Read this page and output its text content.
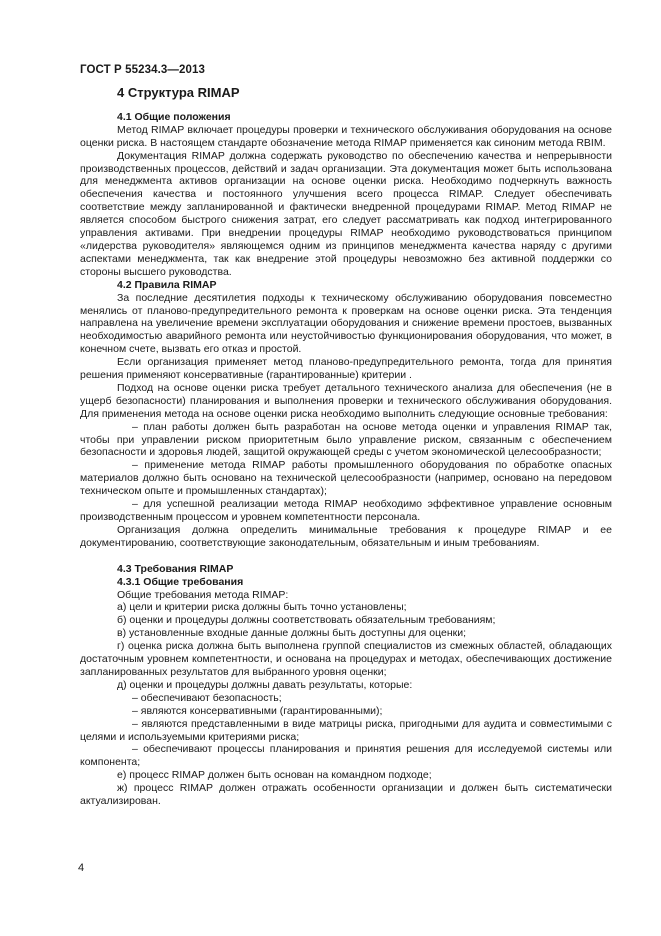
ГОСТ Р 55234.3—2013

4 Структура RIMAP

4.1 Общие положения

Метод RIMAP включает процедуры проверки и технического обслуживания оборудования на основе оценки риска. В настоящем стандарте обозначение метода RIMAP применяется как синоним метода RBIM.

Документация RIMAP должна содержать руководство по обеспечению качества и непрерывности производственных процессов, действий и задач организации. Эта документация может быть использована для менеджмента активов организации на основе оценки риска. Необходимо подчеркнуть важность обеспечения качества и постоянного улучшения всего процесса RIMAP. Следует обеспечивать соответствие между запланированной и фактически внедренной процедурами RIMAP. Метод RIMAP не является способом быстрого снижения затрат, его следует рассматривать как подход интегрированного управления активами. При внедрении процедуры RIMAP необходимо руководствоваться принципом «лидерства руководителя» являющемся одним из принципов менеджмента качества наряду с другими аспектами менеджмента, так как внедрение этой процедуры невозможно без активной поддержки со стороны высшего руководства.

4.2 Правила RIMAP

За последние десятилетия подходы к техническому обслуживанию оборудования повсеместно менялись от планово-предупредительного ремонта к проверкам на основе оценки риска. Эта тенденция направлена на увеличение времени эксплуатации оборудования и снижение времени простоев, вызванных необходимостью аварийного ремонта или неустойчивостью функционирования оборудования, что может, в конечном счете, вызвать его отказ и простой.

Если организация применяет метод планово-предупредительного ремонта, тогда для принятия решения применяют консервативные (гарантированные) критерии .

Подход на основе оценки риска требует детального технического анализа для обеспечения (не в ущерб безопасности) планирования и выполнения проверки и технического обслуживания оборудования. Для применения метода на основе оценки риска необходимо выполнить следующие основные требования:

– план работы должен быть разработан на основе метода оценки и управления RIMAP так, чтобы при управлении риском приоритетным было управление риском, связанным с обеспечением безопасности и здоровья людей, защитой окружающей среды с учетом экономической целесообразности;

– применение метода RIMAP работы промышленного оборудования по обработке опасных материалов должно быть основано на технической целесообразности (например, основано на передовом техническом опыте и промышленных стандартах);

– для успешной реализации метода RIMAP необходимо эффективное управление основным производственным процессом и уровнем компетентности персонала.

Организация должна определить минимальные требования к процедуре RIMAP и ее документированию, соответствующие законодательным, обязательным и иным требованиям.

4.3 Требования RIMAP

4.3.1 Общие требования

Общие требования метода RIMAP:

а) цели и критерии риска должны быть точно установлены;

б) оценки и процедуры должны соответствовать обязательным требованиям;

в) установленные входные данные должны быть доступны для оценки;

г) оценка риска должна быть выполнена группой специалистов из смежных областей, обладающих достаточным уровнем компетентности, и основана на процедурах и методах, обеспечивающих достижение запланированных результатов для выбранного уровня оценки;

д) оценки и процедуры должны давать результаты, которые:

– обеспечивают безопасность;

– являются консервативными (гарантированными);

– являются представленными в виде матрицы риска, пригодными для аудита и совместимыми с целями и используемыми критериями риска;

– обеспечивают процессы планирования и принятия решения для исследуемой системы или компонента;

е) процесс RIMAP должен быть основан на командном подходе;

ж) процесс RIMAP должен отражать особенности организации и должен быть систематически актуализирован.

4
